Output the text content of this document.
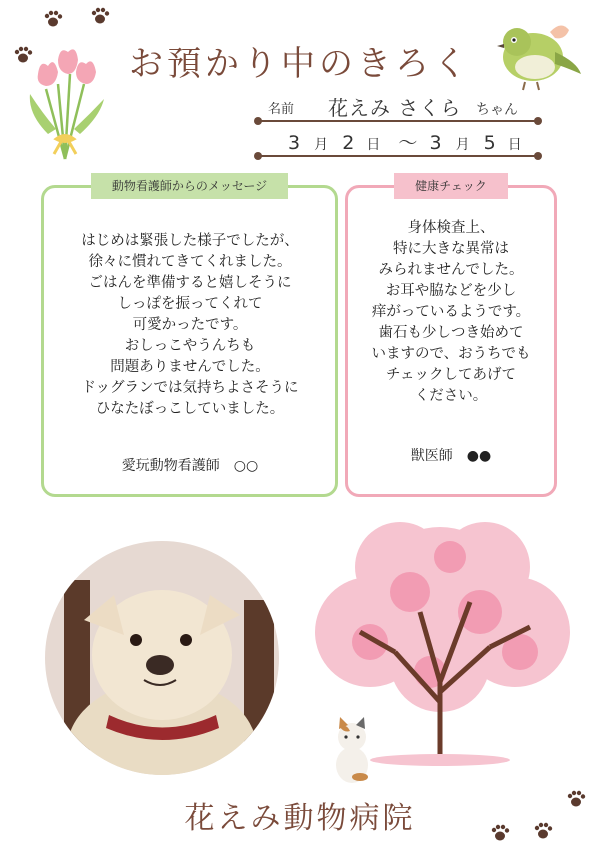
お預かり中のきろく
名前 花えみ さくら ちゃん
3 月 2 日 ～ 3 月 5 日
動物看護師からのメッセージ
はじめは緊張した様子でしたが、
徐々に慣れてきてくれました。
ごはんを準備すると嬉しそうに
しっぽを振ってくれて
可愛かったです。
おしっこやうんちも
問題ありませんでした。
ドッグランでは気持ちよさそうに
ひなたぼっこしていました。
愛玩動物看護師　○○
健康チェック
身体検査上、
特に大きな異常は
みられませんでした。
お耳や脇などを少し
痒がっているようです。
歯石も少しつき始めて
いますので、おうちでも
チェックしてあげて
ください。
獣医師　●●
花えみ動物病院
